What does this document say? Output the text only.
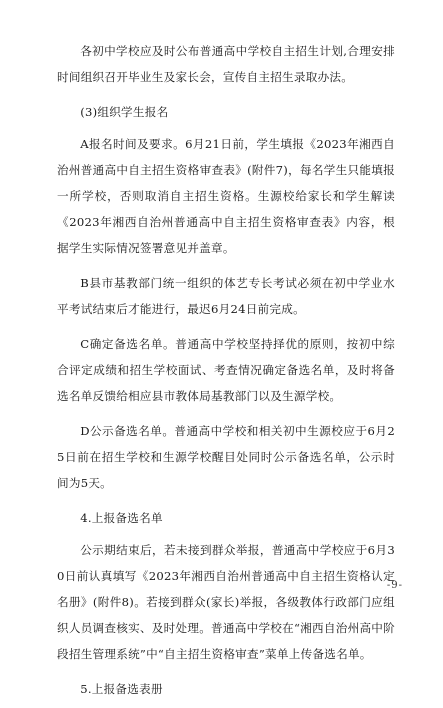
各初中学校应及时公布普通高中学校自主招生计划,合理安排时间组织召开毕业生及家长会，宣传自主招生录取办法。

(3)组织学生报名

A报名时间及要求。6月21日前，学生填报《2023年湘西自治州普通高中自主招生资格审查表》(附件7)，每名学生只能填报一所学校，否则取消自主招生资格。生源校给家长和学生解读《2023年湘西自治州普通高中自主招生资格审查表》内容，根据学生实际情况签署意见并盖章。

B县市基教部门统一组织的体艺专长考试必须在初中学业水平考试结束后才能进行，最迟6月24日前完成。

C确定备选名单。普通高中学校坚持择优的原则，按初中综合评定成绩和招生学校面试、考查情况确定备选名单，及时将备选名单反馈给相应县市教体局基教部门以及生源学校。

D公示备选名单。普通高中学校和相关初中生源校应于6月25日前在招生学校和生源学校醒目处同时公示备选名单，公示时间为5天。

4.上报备选名单

公示期结束后，若未接到群众举报，普通高中学校应于6月30日前认真填写《2023年湘西自治州普通高中自主招生资格认定名册》(附件8)。若接到群众(家长)举报，各级教体行政部门应组织人员调查核实、及时处理。普通高中学校在“湘西自治州高中阶段招生管理系统”中“自主招生资格审查”菜单上传备选名单。

5.上报备选表册

-9-
